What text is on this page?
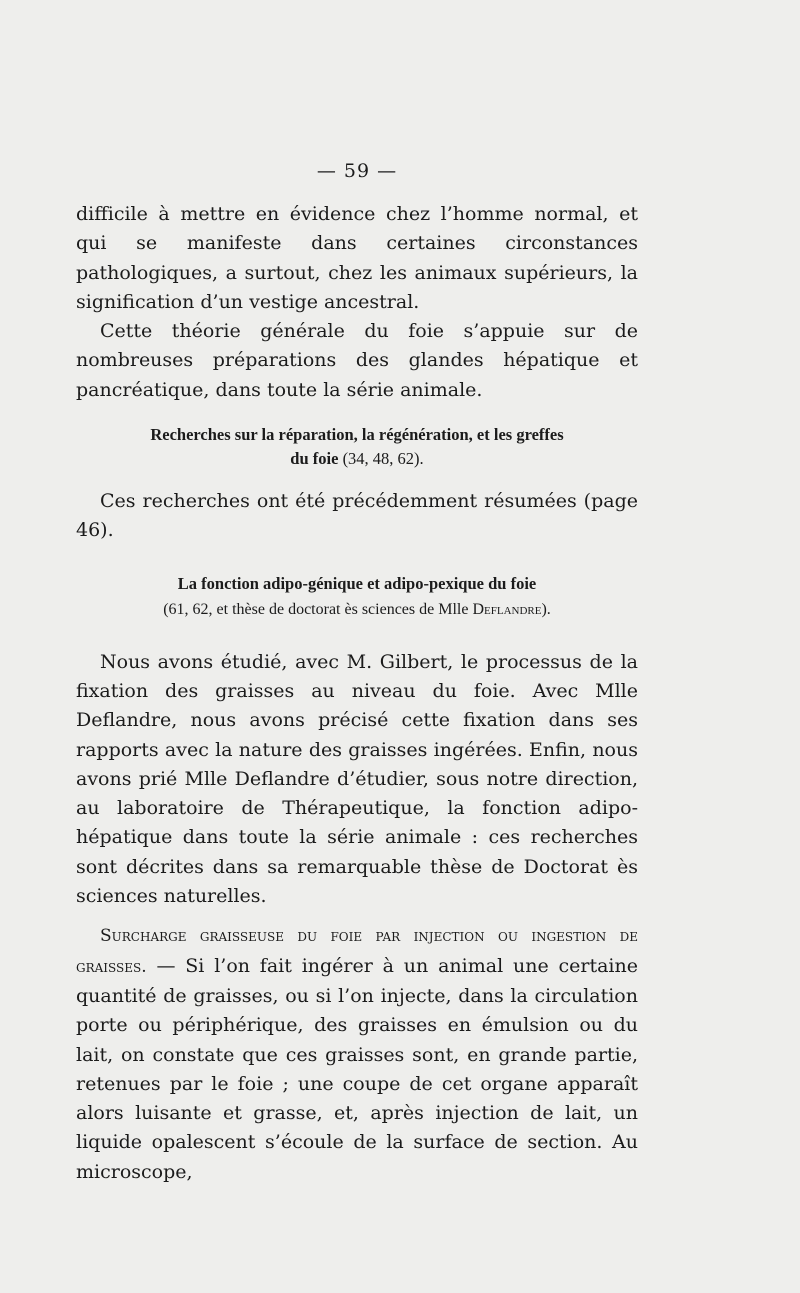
— 59 —

difficile à mettre en évidence chez l’homme normal, et qui se manifeste dans certaines circonstances pathologiques, a surtout, chez les animaux supérieurs, la signification d’un vestige ancestral.

Cette théorie générale du foie s’appuie sur de nombreuses préparations des glandes hépatique et pancréatique, dans toute la série animale.

Recherches sur la réparation, la régénération, et les greffes
du foie (34, 48, 62).

Ces recherches ont été précédemment résumées (page 46).

La fonction adipo-génique et adipo-pexique du foie
(61, 62, et thèse de doctorat ès sciences de Mlle Deflandre).

Nous avons étudié, avec M. Gilbert, le processus de la fixation des graisses au niveau du foie. Avec Mlle Deflandre, nous avons précisé cette fixation dans ses rapports avec la nature des graisses ingérées. Enfin, nous avons prié Mlle Deflandre d’étudier, sous notre direction, au laboratoire de Thérapeutique, la fonction adipo-hépatique dans toute la série animale : ces recherches sont décrites dans sa remarquable thèse de Doctorat ès sciences naturelles.

Surcharge graisseuse du foie par injection ou ingestion de graisses. — Si l’on fait ingérer à un animal une certaine quantité de graisses, ou si l’on injecte, dans la circulation porte ou périphérique, des graisses en émulsion ou du lait, on constate que ces graisses sont, en grande partie, retenues par le foie ; une coupe de cet organe apparaît alors luisante et grasse, et, après injection de lait, un liquide opalescent s’écoule de la surface de section. Au microscope,
